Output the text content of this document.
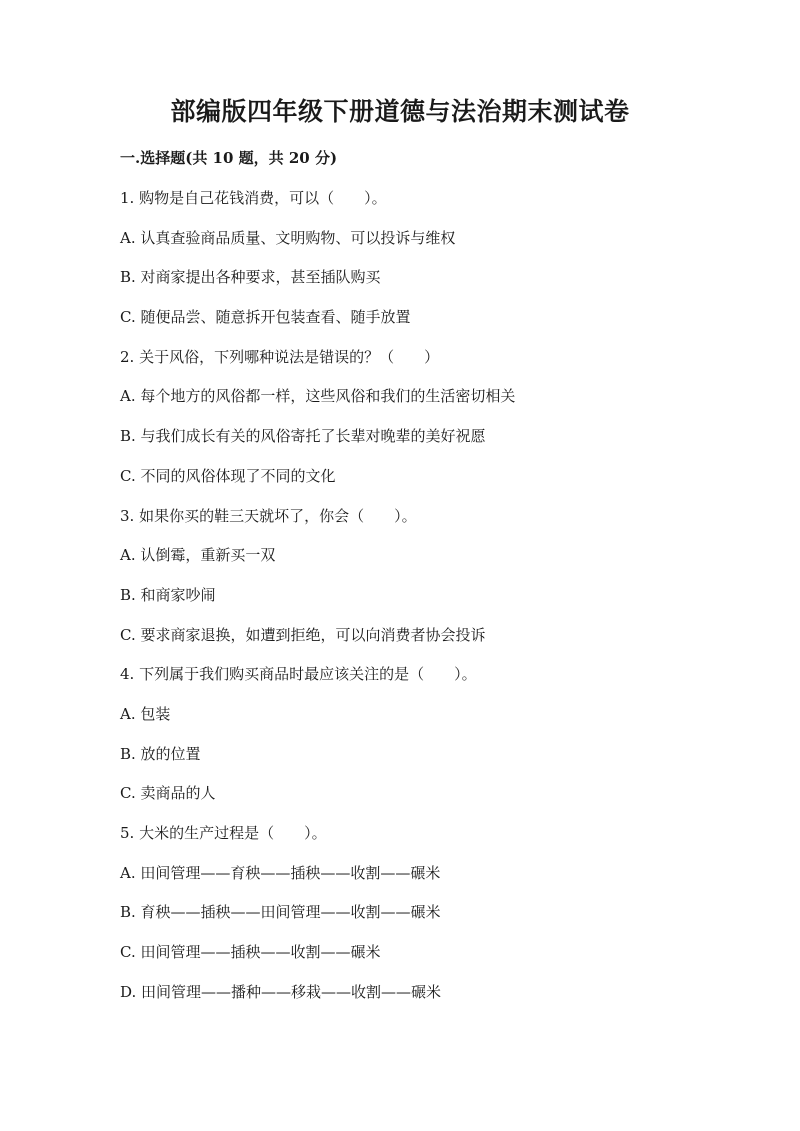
部编版四年级下册道德与法治期末测试卷
一.选择题(共 10 题，共 20 分)
1. 购物是自己花钱消费，可以（　　）。
A. 认真查验商品质量、文明购物、可以投诉与维权
B. 对商家提出各种要求，甚至插队购买
C. 随便品尝、随意拆开包装查看、随手放置
2. 关于风俗，下列哪种说法是错误的？（　　）
A. 每个地方的风俗都一样，这些风俗和我们的生活密切相关
B. 与我们成长有关的风俗寄托了长辈对晚辈的美好祝愿
C. 不同的风俗体现了不同的文化
3. 如果你买的鞋三天就坏了，你会（　　）。
A. 认倒霉，重新买一双
B. 和商家吵闹
C. 要求商家退换，如遭到拒绝，可以向消费者协会投诉
4. 下列属于我们购买商品时最应该关注的是（　　）。
A. 包装
B. 放的位置
C. 卖商品的人
5. 大米的生产过程是（　　）。
A. 田间管理——育秧——插秧——收割——碾米
B. 育秧——插秧——田间管理——收割——碾米
C. 田间管理——插秧——收割——碾米
D. 田间管理——播种——移栽——收割——碾米
